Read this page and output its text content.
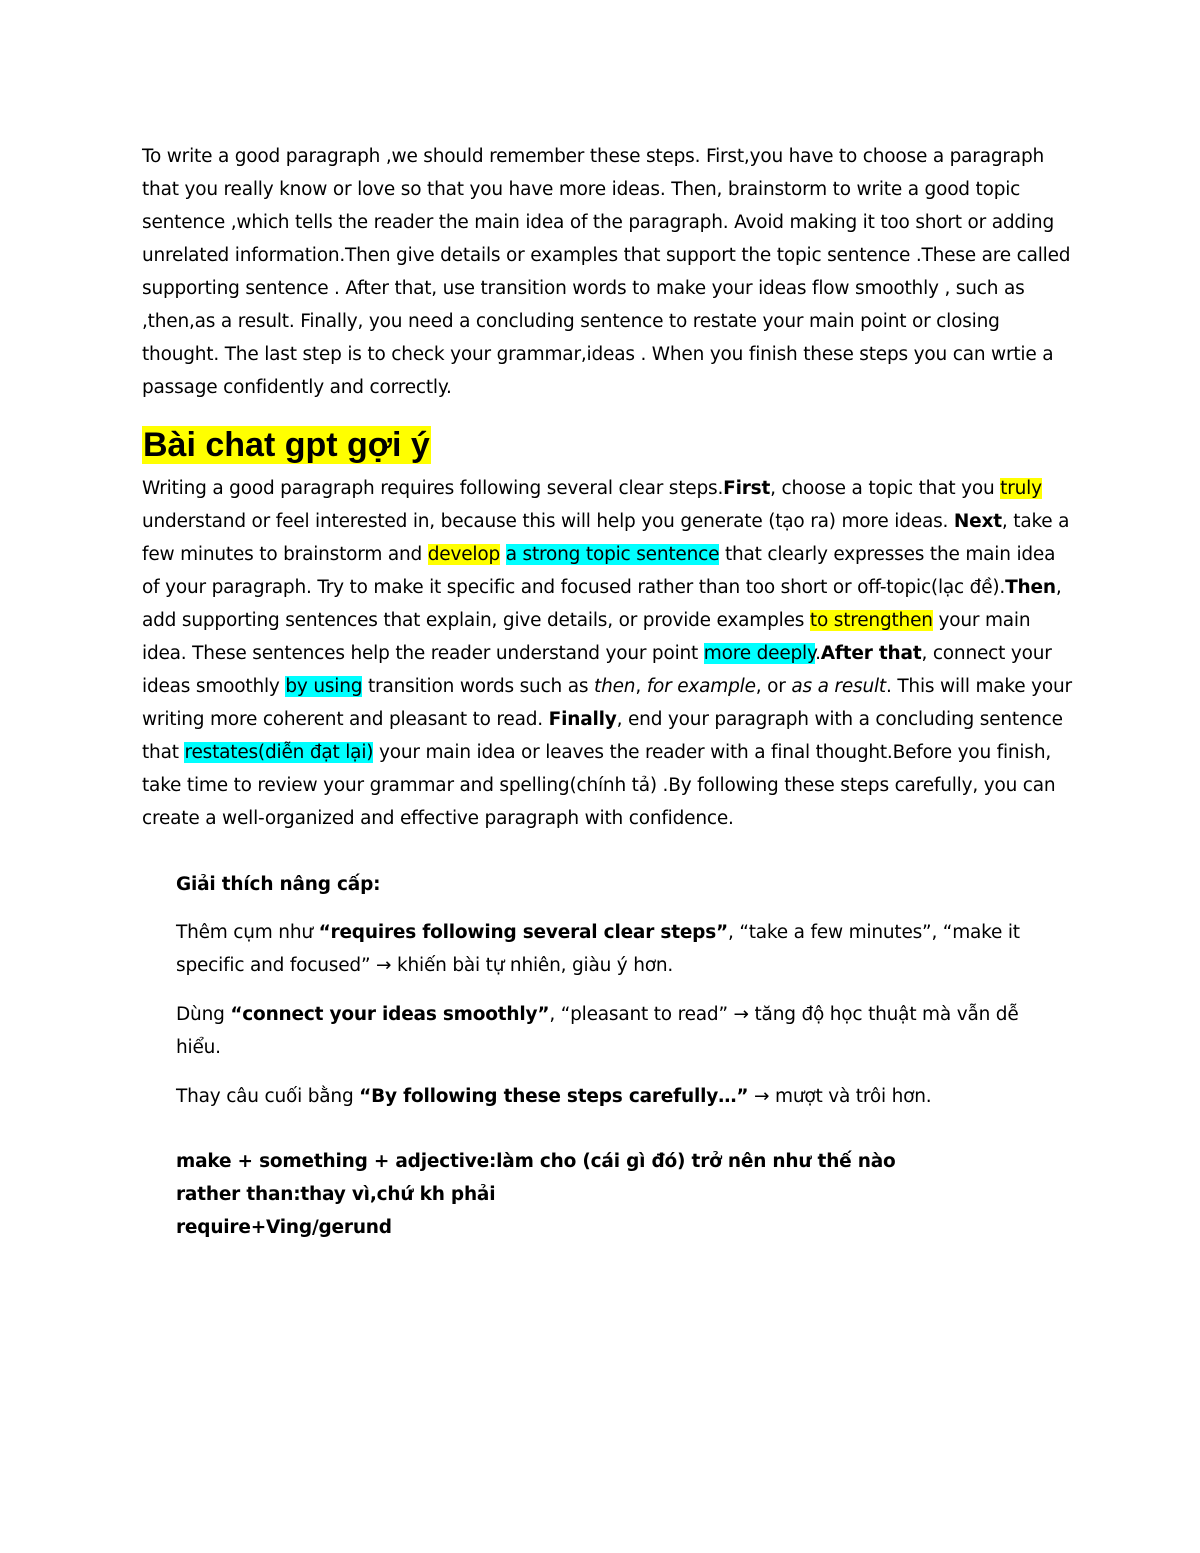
To write a good paragraph ,we should remember these steps. First,you have to choose a paragraph that you really know or love so that you have more ideas. Then, brainstorm to write a good topic sentence ,which tells the reader the main idea of the paragraph. Avoid making it too short or adding unrelated information.Then give details or examples that support the topic sentence .These are called supporting sentence . After that, use transition words to make your ideas flow smoothly , such as ,then,as a result. Finally, you need a concluding sentence to restate your main point or closing thought. The last step is to check your grammar,ideas . When you finish these steps you can wrtie a passage confidently and correctly.
Bài chat gpt gợi ý
Writing a good paragraph requires following several clear steps.First, choose a topic that you truly understand or feel interested in, because this will help you generate (tạo ra) more ideas. Next, take a few minutes to brainstorm and develop a strong topic sentence that clearly expresses the main idea of your paragraph. Try to make it specific and focused rather than too short or off-topic(lạc đề).Then, add supporting sentences that explain, give details, or provide examples to strengthen your main idea. These sentences help the reader understand your point more deeply.After that, connect your ideas smoothly by using transition words such as then, for example, or as a result. This will make your writing more coherent and pleasant to read. Finally, end your paragraph with a concluding sentence that restates(diễn đạt lại) your main idea or leaves the reader with a final thought.Before you finish, take time to review your grammar and spelling(chính tả) .By following these steps carefully, you can create a well-organized and effective paragraph with confidence.
Giải thích nâng cấp:
Thêm cụm như “requires following several clear steps”, “take a few minutes”, “make it specific and focused” → khiến bài tự nhiên, giàu ý hơn.
Dùng “connect your ideas smoothly”, “pleasant to read” → tăng độ học thuật mà vẫn dễ hiểu.
Thay câu cuối bằng “By following these steps carefully…” → mượt và trôi hơn.
make + something + adjective:làm cho (cái gì đó) trở nên như thế nào
rather than:thay vì,chứ kh phải
require+Ving/gerund
